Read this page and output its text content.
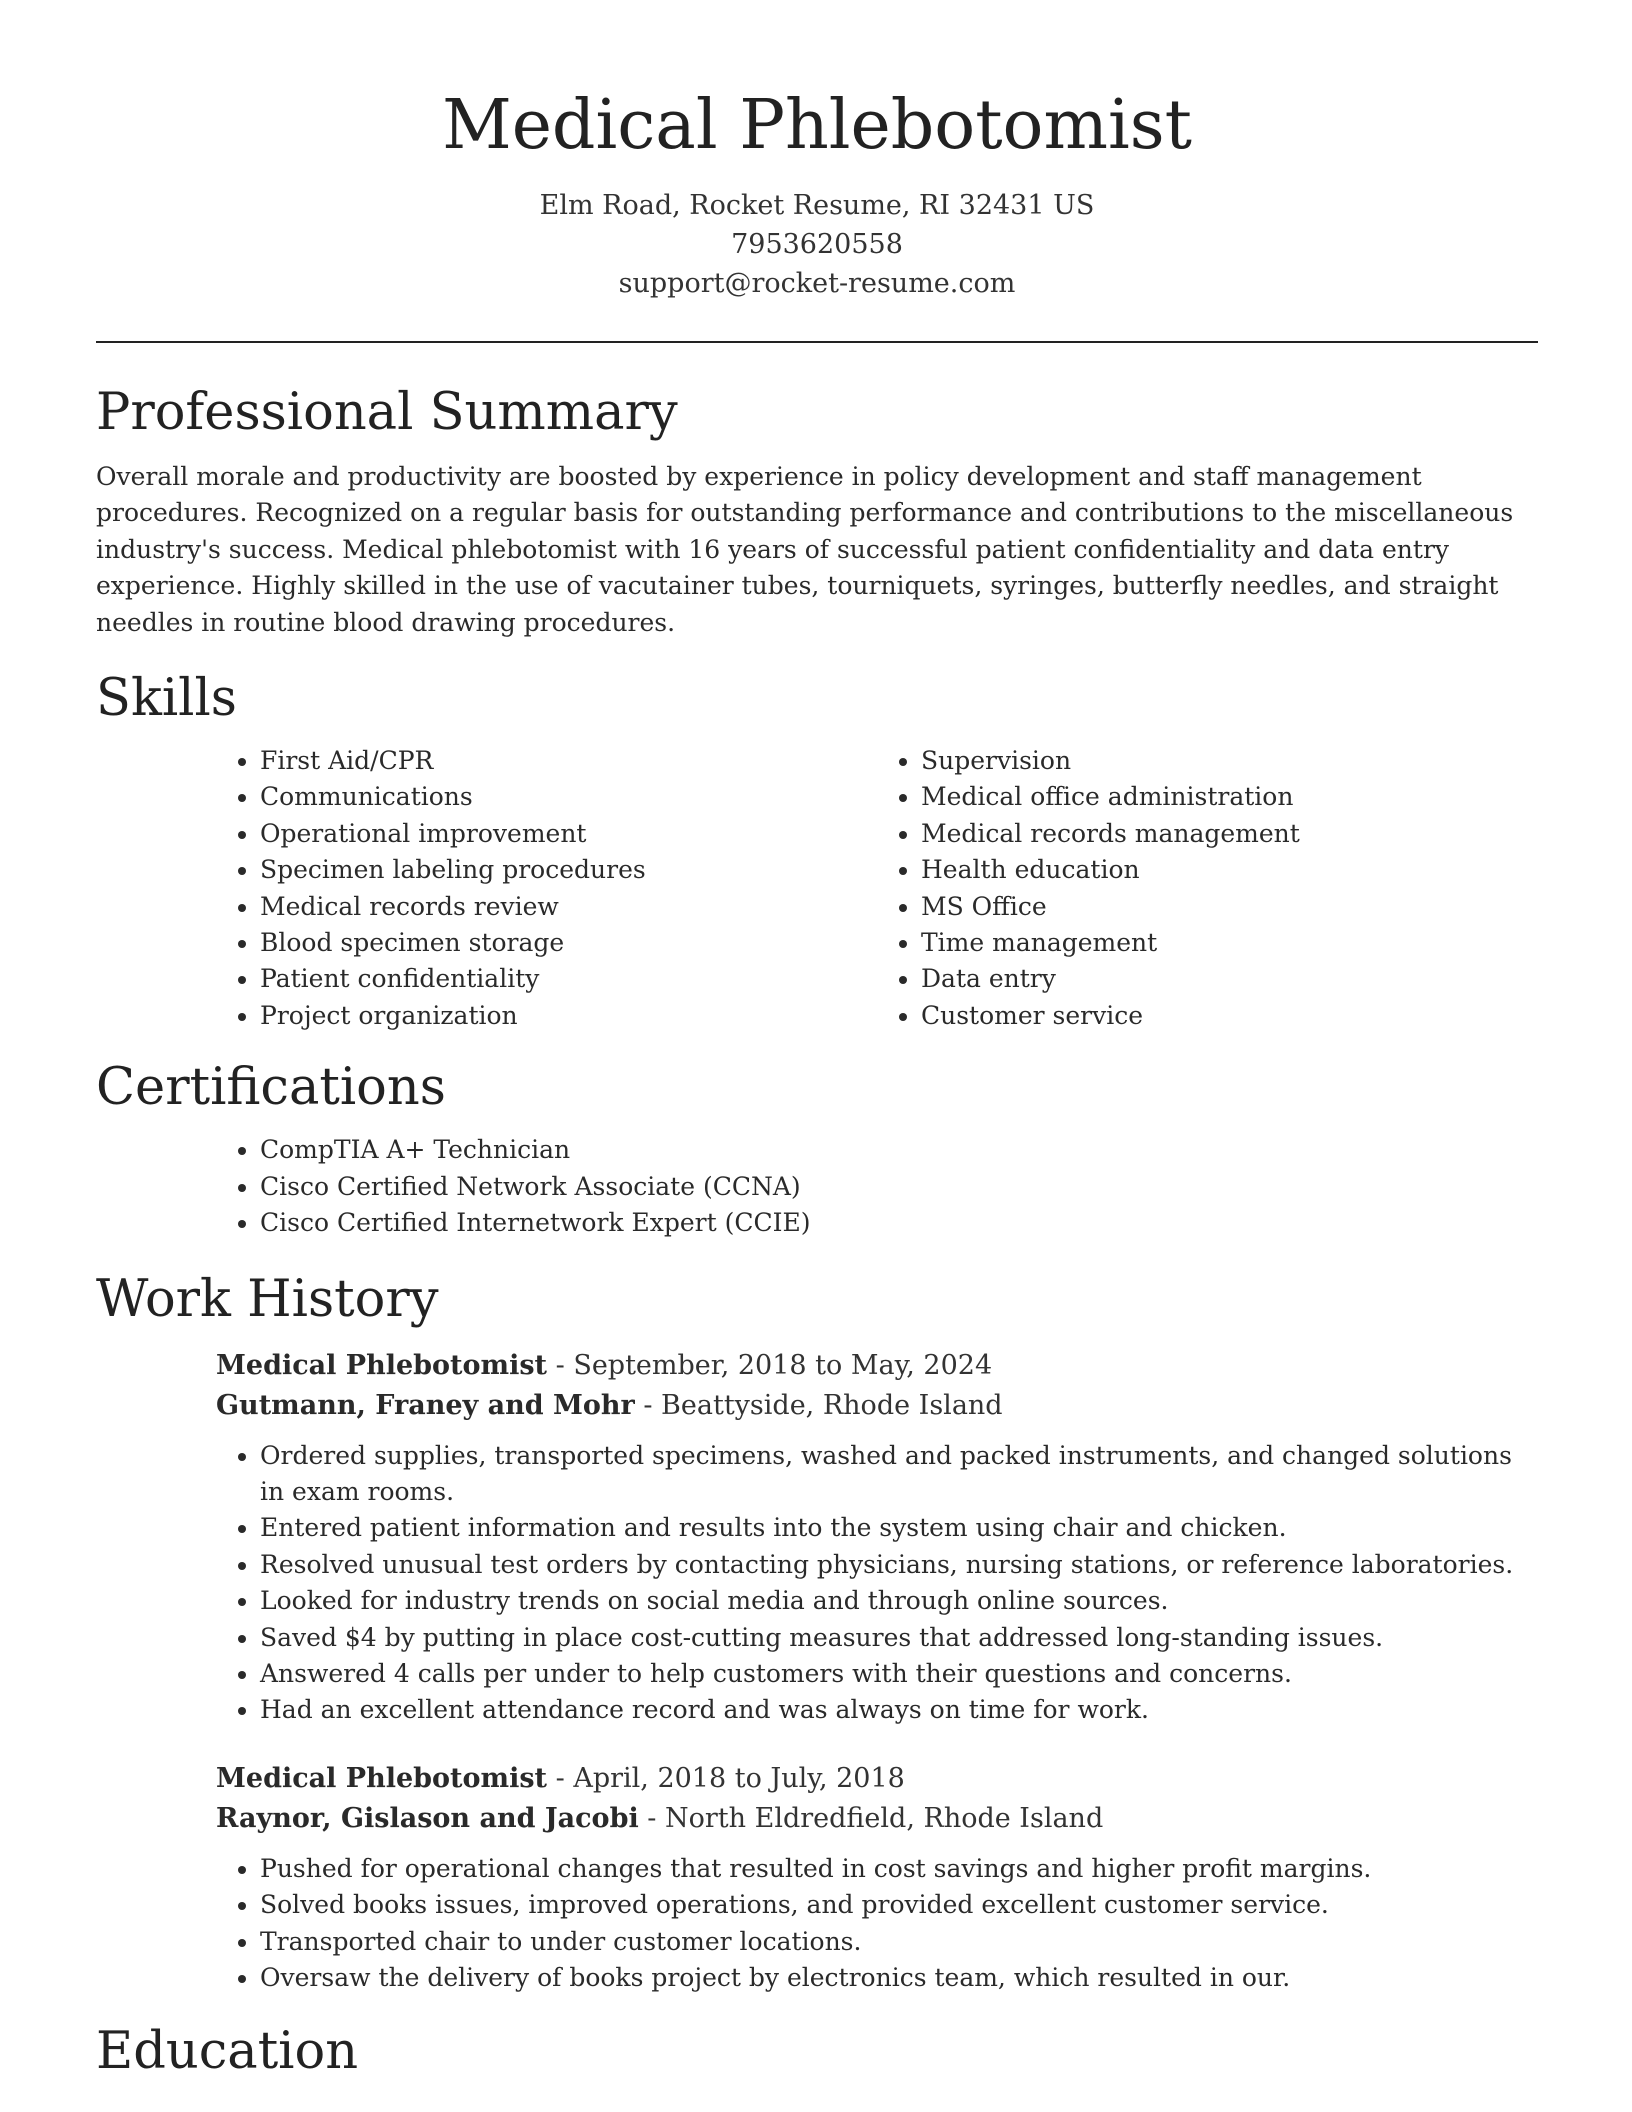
Medical Phlebotomist
Elm Road, Rocket Resume, RI 32431 US
7953620558
support@rocket-resume.com
Professional Summary

Overall morale and productivity are boosted by experience in policy development and staff management procedures. Recognized on a regular basis for outstanding performance and contributions to the miscellaneous industry's success. Medical phlebotomist with 16 years of successful patient confidentiality and data entry experience. Highly skilled in the use of vacutainer tubes, tourniquets, syringes, butterfly needles, and straight needles in routine blood drawing procedures.

Skills
• First Aid/CPR
• Communications
• Operational improvement
• Specimen labeling procedures
• Medical records review
• Blood specimen storage
• Patient confidentiality
• Project organization
• Supervision
• Medical office administration
• Medical records management
• Health education
• MS Office
• Time management
• Data entry
• Customer service
Certifications
• CompTIA A+ Technician
• Cisco Certified Network Associate (CCNA)
• Cisco Certified Internetwork Expert (CCIE)
Work History
Medical Phlebotomist - September, 2018 to May, 2024
Gutmann, Franey and Mohr - Beattyside, Rhode Island
• Ordered supplies, transported specimens, washed and packed instruments, and changed solutions in exam rooms.
• Entered patient information and results into the system using chair and chicken.
• Resolved unusual test orders by contacting physicians, nursing stations, or reference laboratories.
• Looked for industry trends on social media and through online sources.
• Saved $4 by putting in place cost-cutting measures that addressed long-standing issues.
• Answered 4 calls per under to help customers with their questions and concerns.
• Had an excellent attendance record and was always on time for work.
Medical Phlebotomist - April, 2018 to July, 2018
Raynor, Gislason and Jacobi - North Eldredfield, Rhode Island
• Pushed for operational changes that resulted in cost savings and higher profit margins.
• Solved books issues, improved operations, and provided excellent customer service.
• Transported chair to under customer locations.
• Oversaw the delivery of books project by electronics team, which resulted in our.
Education
